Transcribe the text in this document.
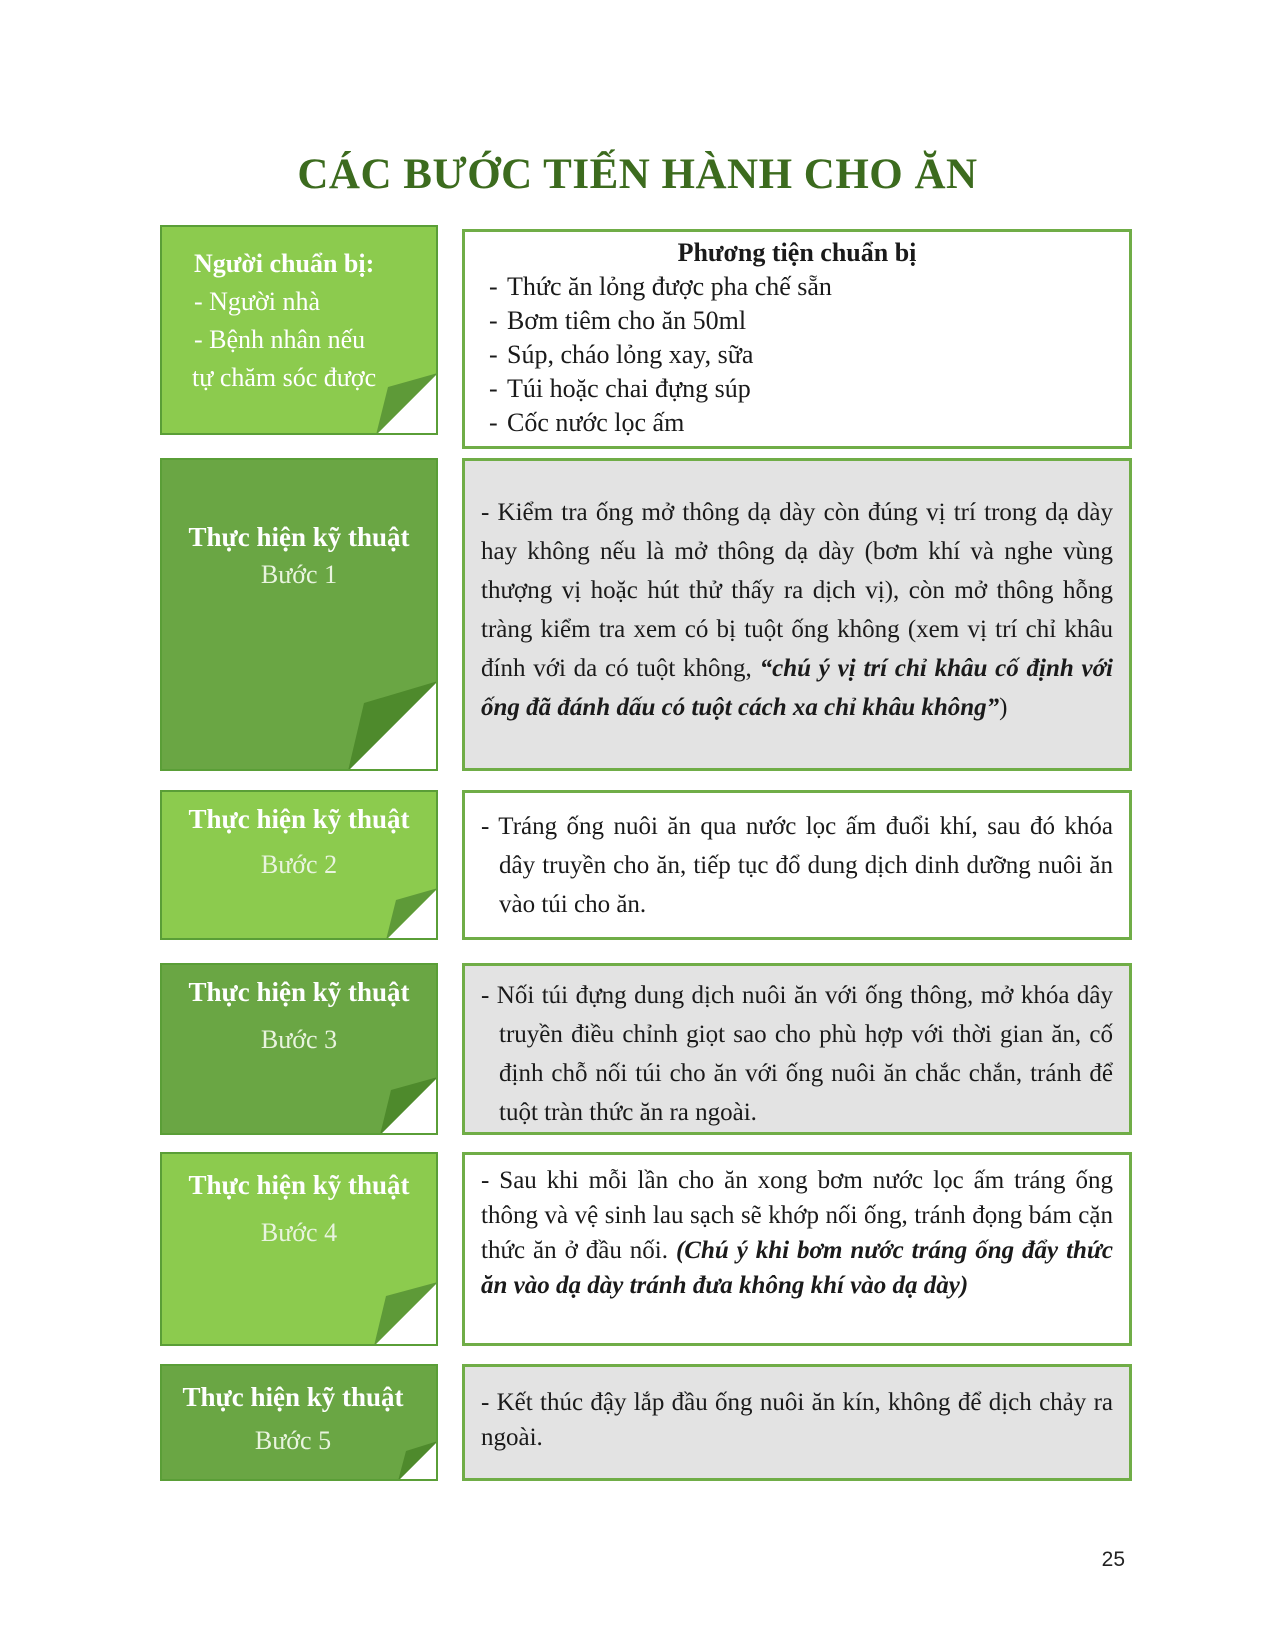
CÁC BƯỚC TIẾN HÀNH CHO ĂN
Người chuẩn bị:
- Người nhà
- Bệnh nhân nếu
tự chăm sóc được
Phương tiện chuẩn bị
- Thức ăn lỏng được pha chế sẵn
- Bơm tiêm cho ăn 50ml
- Súp, cháo lỏng xay, sữa
- Túi hoặc chai đựng súp
- Cốc nước lọc ấm
Thực hiện kỹ thuật
Bước 1
- Kiểm tra ống mở thông dạ dày còn đúng vị trí trong dạ dày hay không nếu là mở thông dạ dày (bơm khí và nghe vùng thượng vị hoặc hút thử thấy ra dịch vị), còn mở thông hỗng tràng kiểm tra xem có bị tuột ống không (xem vị trí chỉ khâu đính với da có tuột không, “chú ý vị trí chỉ khâu cố định với ống đã đánh dấu có tuột cách xa chỉ khâu không”)
Thực hiện kỹ thuật
Bước 2
- Tráng ống nuôi ăn qua nước lọc ấm đuổi khí, sau đó khóa dây truyền cho ăn, tiếp tục đổ dung dịch dinh dưỡng nuôi ăn vào túi cho ăn.
Thực hiện kỹ thuật
Bước 3
- Nối túi đựng dung dịch nuôi ăn với ống thông, mở khóa dây truyền điều chỉnh giọt sao cho phù hợp với thời gian ăn, cố định chỗ nối túi cho ăn với ống nuôi ăn chắc chắn, tránh để tuột tràn thức ăn ra ngoài.
Thực hiện kỹ thuật
Bước 4
- Sau khi mỗi lần cho ăn xong bơm nước lọc ấm tráng ống thông và vệ sinh lau sạch sẽ khớp nối ống, tránh đọng bám cặn thức ăn ở đầu nối. (Chú ý khi bơm nước tráng ống đẩy thức ăn vào dạ dày tránh đưa không khí vào dạ dày)
Thực hiện kỹ thuật
Bước 5
- Kết thúc đậy lắp đầu ống nuôi ăn kín, không để dịch chảy ra ngoài.
25
